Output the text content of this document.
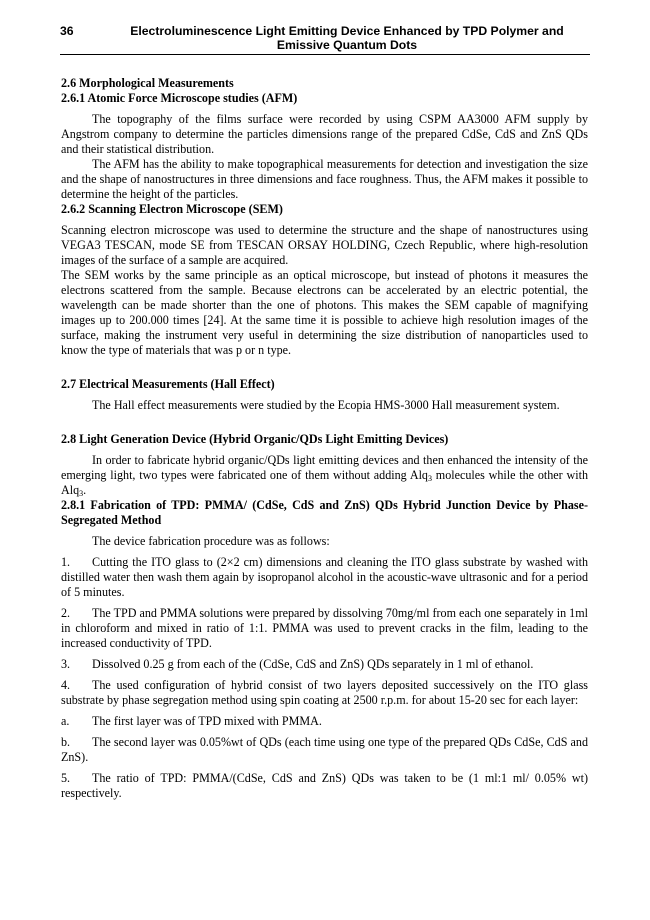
36	Electroluminescence Light Emitting Device Enhanced by TPD Polymer and
Emissive Quantum Dots

2.6 Morphological Measurements

2.6.1 Atomic Force Microscope studies (AFM)

The topography of the films surface were recorded by using CSPM AA3000 AFM supply by Angstrom company to determine the particles dimensions range of the prepared CdSe, CdS and ZnS QDs and their statistical distribution.

The AFM has the ability to make topographical measurements for detection and investigation the size and the shape of nanostructures in three dimensions and face roughness. Thus, the AFM makes it possible to determine the height of the particles.

2.6.2 Scanning Electron Microscope (SEM)

Scanning electron microscope was used to determine the structure and the shape of nanostructures using VEGA3 TESCAN, mode SE from TESCAN ORSAY HOLDING, Czech Republic, where high-resolution images of the surface of a sample are acquired.

The SEM works by the same principle as an optical microscope, but instead of photons it measures the electrons scattered from the sample. Because electrons can be accelerated by an electric potential, the wavelength can be made shorter than the one of photons. This makes the SEM capable of magnifying images up to 200.000 times [24]. At the same time it is possible to achieve high resolution images of the surface, making the instrument very useful in determining the size distribution of nanoparticles used to know the type of materials that was p or n type.

2.7 Electrical Measurements (Hall Effect)

The Hall effect measurements were studied by the Ecopia HMS-3000 Hall measurement system.

2.8 Light Generation Device (Hybrid Organic/QDs Light Emitting Devices)

In order to fabricate hybrid organic/QDs light emitting devices and then enhanced the intensity of the emerging light, two types were fabricated one of them without adding Alq$_3$ molecules while the other with Alq$_3$.

2.8.1 Fabrication of TPD: PMMA/ (CdSe, CdS and ZnS) QDs Hybrid Junction Device by Phase-Segregated Method

The device fabrication procedure was as follows:

1. Cutting the ITO glass to (2×2 cm) dimensions and cleaning the ITO glass substrate by washed with distilled water then wash them again by isopropanol alcohol in the acoustic-wave ultrasonic and for a period of 5 minutes.

2. The TPD and PMMA solutions were prepared by dissolving 70mg/ml from each one separately in 1ml in chloroform and mixed in ratio of 1:1. PMMA was used to prevent cracks in the film, leading to the increased conductivity of TPD.

3. Dissolved 0.25 g from each of the (CdSe, CdS and ZnS) QDs separately in 1 ml of ethanol.

4. The used configuration of hybrid consist of two layers deposited successively on the ITO glass substrate by phase segregation method using spin coating at 2500 r.p.m. for about 15-20 sec for each layer:

a. The first layer was of TPD mixed with PMMA.

b. The second layer was 0.05%wt of QDs (each time using one type of the prepared QDs CdSe, CdS and ZnS).

5. The ratio of TPD: PMMA/(CdSe, CdS and ZnS) QDs was taken to be (1 ml:1 ml/ 0.05% wt) respectively.
